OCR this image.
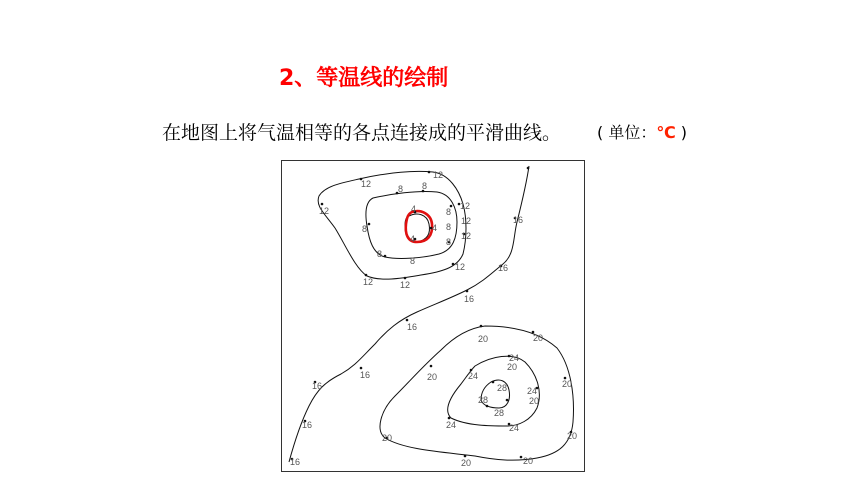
2、等温线的绘制
在地图上将气温相等的各点连接成的平滑曲线。 ( 单位：℃ )
16
16
16
16
16
16
16
16
12
12
12	12
12
12
12
12
12
8 8
8
8
8
8
8	8
4
4
4
20	20
20
20
20
20
20
20
20
20
24
24
24
24
24
28
28
28
